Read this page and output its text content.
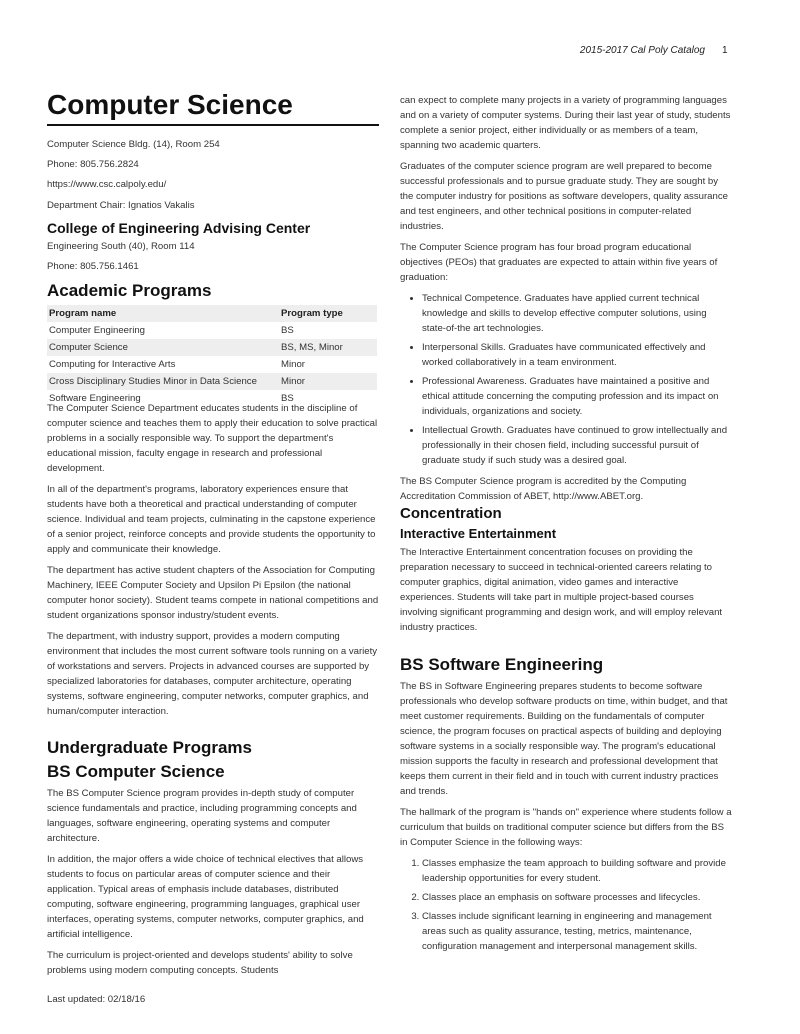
2015-2017 Cal Poly Catalog 1
Computer Science

Computer Science Bldg. (14), Room 254

Phone: 805.756.2824

https://www.csc.calpoly.edu/

Department Chair: Ignatios Vakalis

College of Engineering Advising Center

Engineering South (40), Room 114

Phone: 805.756.1461

Academic Programs
Program name	Program type
Computer Engineering	BS
Computer Science	BS, MS, Minor
Computing for Interactive Arts	Minor
Cross Disciplinary Studies Minor in Data Science	Minor
Software Engineering	BS

The Computer Science Department educates students in the discipline of computer science and teaches them to apply their education to solve practical problems in a socially responsible way. To support the department's educational mission, faculty engage in research and professional development.

In all of the department's programs, laboratory experiences ensure that students have both a theoretical and practical understanding of computer science. Individual and team projects, culminating in the capstone experience of a senior project, reinforce concepts and provide students the opportunity to apply and communicate their knowledge.

The department has active student chapters of the Association for Computing Machinery, IEEE Computer Society and Upsilon Pi Epsilon (the national computer honor society). Student teams compete in national competitions and student organizations sponsor industry/student events.

The department, with industry support, provides a modern computing environment that includes the most current software tools running on a variety of workstations and servers. Projects in advanced courses are supported by specialized laboratories for databases, computer architecture, operating systems, software engineering, computer networks, computer graphics, and human/computer interaction.

Undergraduate Programs
BS Computer Science

The BS Computer Science program provides in-depth study of computer science fundamentals and practice, including programming concepts and languages, software engineering, operating systems and computer architecture.

In addition, the major offers a wide choice of technical electives that allows students to focus on particular areas of computer science and their application. Typical areas of emphasis include databases, distributed computing, software engineering, programming languages, graphical user interfaces, operating systems, computer networks, computer graphics, and artificial intelligence.

The curriculum is project-oriented and develops students' ability to solve problems using modern computing concepts. Students

Last updated: 02/18/16

can expect to complete many projects in a variety of programming languages and on a variety of computer systems. During their last year of study, students complete a senior project, either individually or as members of a team, spanning two academic quarters.

Graduates of the computer science program are well prepared to become successful professionals and to pursue graduate study. They are sought by the computer industry for positions as software developers, quality assurance and test engineers, and other technical positions in computer-related industries.

The Computer Science program has four broad program educational objectives (PEOs) that graduates are expected to attain within five years of graduation:

• Technical Competence. Graduates have applied current technical knowledge and skills to develop effective computer solutions, using state-of-the art technologies.
• Interpersonal Skills. Graduates have communicated effectively and worked collaboratively in a team environment.
• Professional Awareness. Graduates have maintained a positive and ethical attitude concerning the computing profession and its impact on individuals, organizations and society.
• Intellectual Growth. Graduates have continued to grow intellectually and professionally in their chosen field, including successful pursuit of graduate study if such study was a desired goal.

The BS Computer Science program is accredited by the Computing Accreditation Commission of ABET, http://www.ABET.org.

Concentration
Interactive Entertainment

The Interactive Entertainment concentration focuses on providing the preparation necessary to succeed in technical-oriented careers relating to computer graphics, digital animation, video games and interactive experiences. Students will take part in multiple project-based courses involving significant programming and design work, and will employ relevant industry practices.

BS Software Engineering

The BS in Software Engineering prepares students to become software professionals who develop software products on time, within budget, and that meet customer requirements. Building on the fundamentals of computer science, the program focuses on practical aspects of building and deploying software systems in a socially responsible way. The program's educational mission supports the faculty in research and professional development that keeps them current in their field and in touch with current industry practices and trends.

The hallmark of the program is "hands on" experience where students follow a curriculum that builds on traditional computer science but differs from the BS in Computer Science in the following ways:

1. Classes emphasize the team approach to building software and provide leadership opportunities for every student.
2. Classes place an emphasis on software processes and lifecycles.
3. Classes include significant learning in engineering and management areas such as quality assurance, testing, metrics, maintenance, configuration management and interpersonal management skills.
